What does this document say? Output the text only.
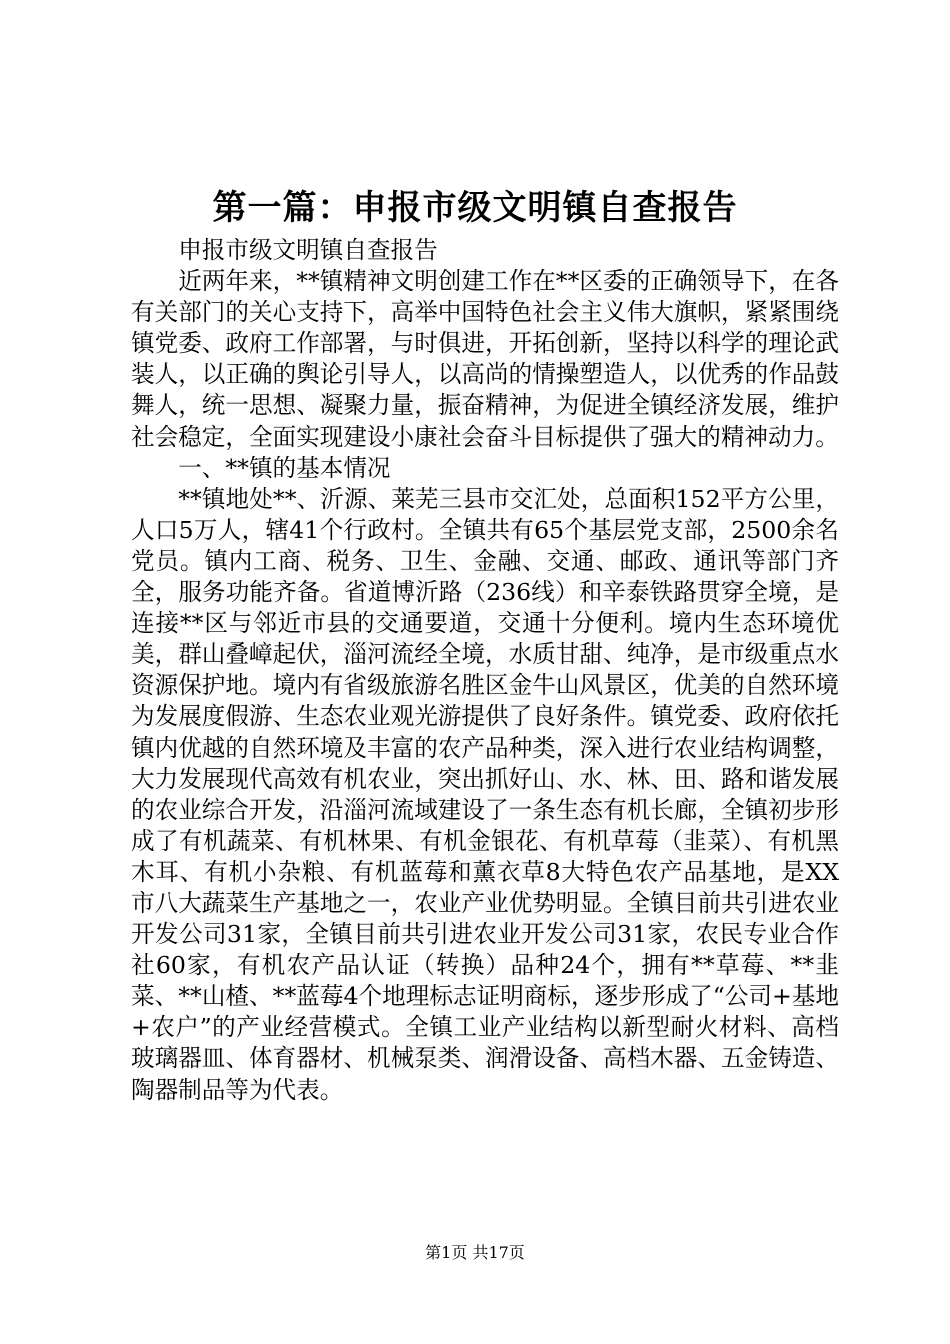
第一篇：申报市级文明镇自查报告

申报市级文明镇自查报告

近两年来，**镇精神文明创建工作在**区委的正确领导下，在各有关部门的关心支持下，高举中国特色社会主义伟大旗帜，紧紧围绕镇党委、政府工作部署，与时俱进，开拓创新，坚持以科学的理论武装人，以正确的舆论引导人，以高尚的情操塑造人，以优秀的作品鼓舞人，统一思想、凝聚力量，振奋精神，为促进全镇经济发展，维护社会稳定，全面实现建设小康社会奋斗目标提供了强大的精神动力。

一、**镇的基本情况

**镇地处**、沂源、莱芜三县市交汇处，总面积152平方公里，人口5万人，辖41个行政村。全镇共有65个基层党支部，2500余名党员。镇内工商、税务、卫生、金融、交通、邮政、通讯等部门齐全，服务功能齐备。省道博沂路（236线）和辛泰铁路贯穿全境，是连接**区与邻近市县的交通要道，交通十分便利。境内生态环境优美，群山叠嶂起伏，淄河流经全境，水质甘甜、纯净，是市级重点水资源保护地。境内有省级旅游名胜区金牛山风景区，优美的自然环境为发展度假游、生态农业观光游提供了良好条件。镇党委、政府依托镇内优越的自然环境及丰富的农产品种类，深入进行农业结构调整，大力发展现代高效有机农业，突出抓好山、水、林、田、路和谐发展的农业综合开发，沿淄河流域建设了一条生态有机长廊，全镇初步形成了有机蔬菜、有机林果、有机金银花、有机草莓（韭菜）、有机黑木耳、有机小杂粮、有机蓝莓和薰衣草8大特色农产品基地，是XX市八大蔬菜生产基地之一，农业产业优势明显。全镇目前共引进农业开发公司31家，全镇目前共引进农业开发公司31家，农民专业合作社60家，有机农产品认证（转换）品种24个，拥有**草莓、**韭菜、**山楂、**蓝莓4个地理标志证明商标，逐步形成了“公司+基地+农户”的产业经营模式。全镇工业产业结构以新型耐火材料、高档玻璃器皿、体育器材、机械泵类、润滑设备、高档木器、五金铸造、陶器制品等为代表。

第1页 共17页
